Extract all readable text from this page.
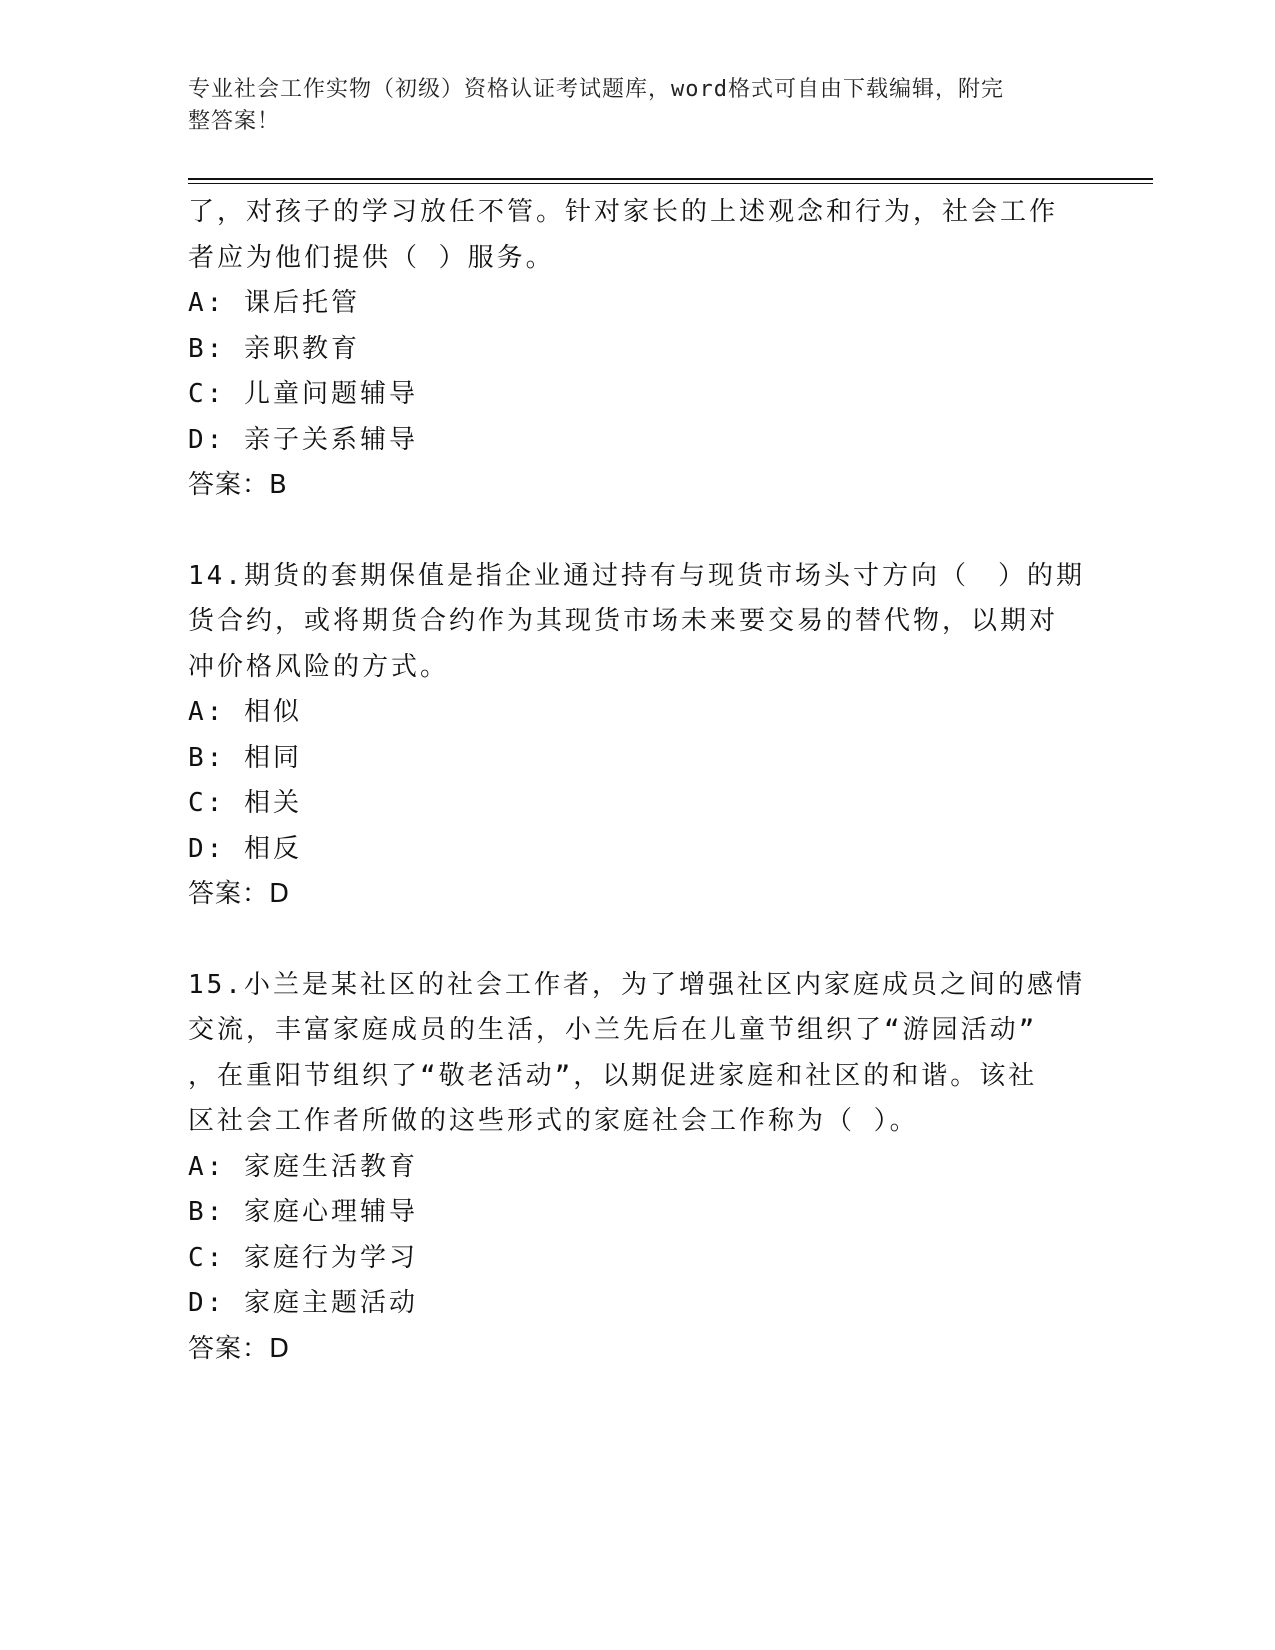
专业社会工作实物（初级）资格认证考试题库，word格式可自由下载编辑，附完
整答案！
了，对孩子的学习放任不管。针对家长的上述观念和行为，社会工作
者应为他们提供（ ）服务。
A: 课后托管
B: 亲职教育
C: 儿童问题辅导
D: 亲子关系辅导
答案：B
14.期货的套期保值是指企业通过持有与现货市场头寸方向（　）的期
货合约，或将期货合约作为其现货市场未来要交易的替代物，以期对
冲价格风险的方式。
A: 相似
B: 相同
C: 相关
D: 相反
答案：D
15.小兰是某社区的社会工作者，为了增强社区内家庭成员之间的感情
交流，丰富家庭成员的生活，小兰先后在儿童节组织了“游园活动”
，在重阳节组织了“敬老活动”，以期促进家庭和社区的和谐。该社
区社会工作者所做的这些形式的家庭社会工作称为（ ）。
A: 家庭生活教育
B: 家庭心理辅导
C: 家庭行为学习
D: 家庭主题活动
答案：D
